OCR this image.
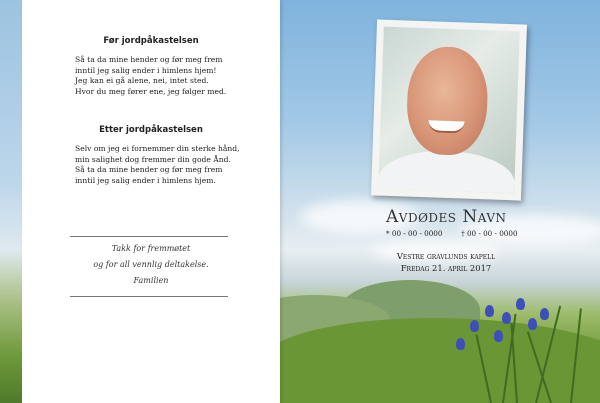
Før jordpåkastelsen
Så ta da mine hender og før meg frem
inntil jeg salig ender i himlens hjem!
Jeg kan ei gå alene, nei, intet sted.
Hvor du meg fører ene, jeg følger med.
Etter jordpåkastelsen
Selv om jeg ei fornemmer din sterke hånd,
min salighet dog fremmer din gode Ånd.
Så ta da mine hender og før meg frem
inntil jeg salig ender i himlens hjem.
Takk for fremmøtet
og for all vennlig deltakelse.
Familien
Avdødes Navn
* 00 - 00 - 0000	† 00 - 00 - 0000
Vestre gravlunds kapell
Fredag 21. april 2017
